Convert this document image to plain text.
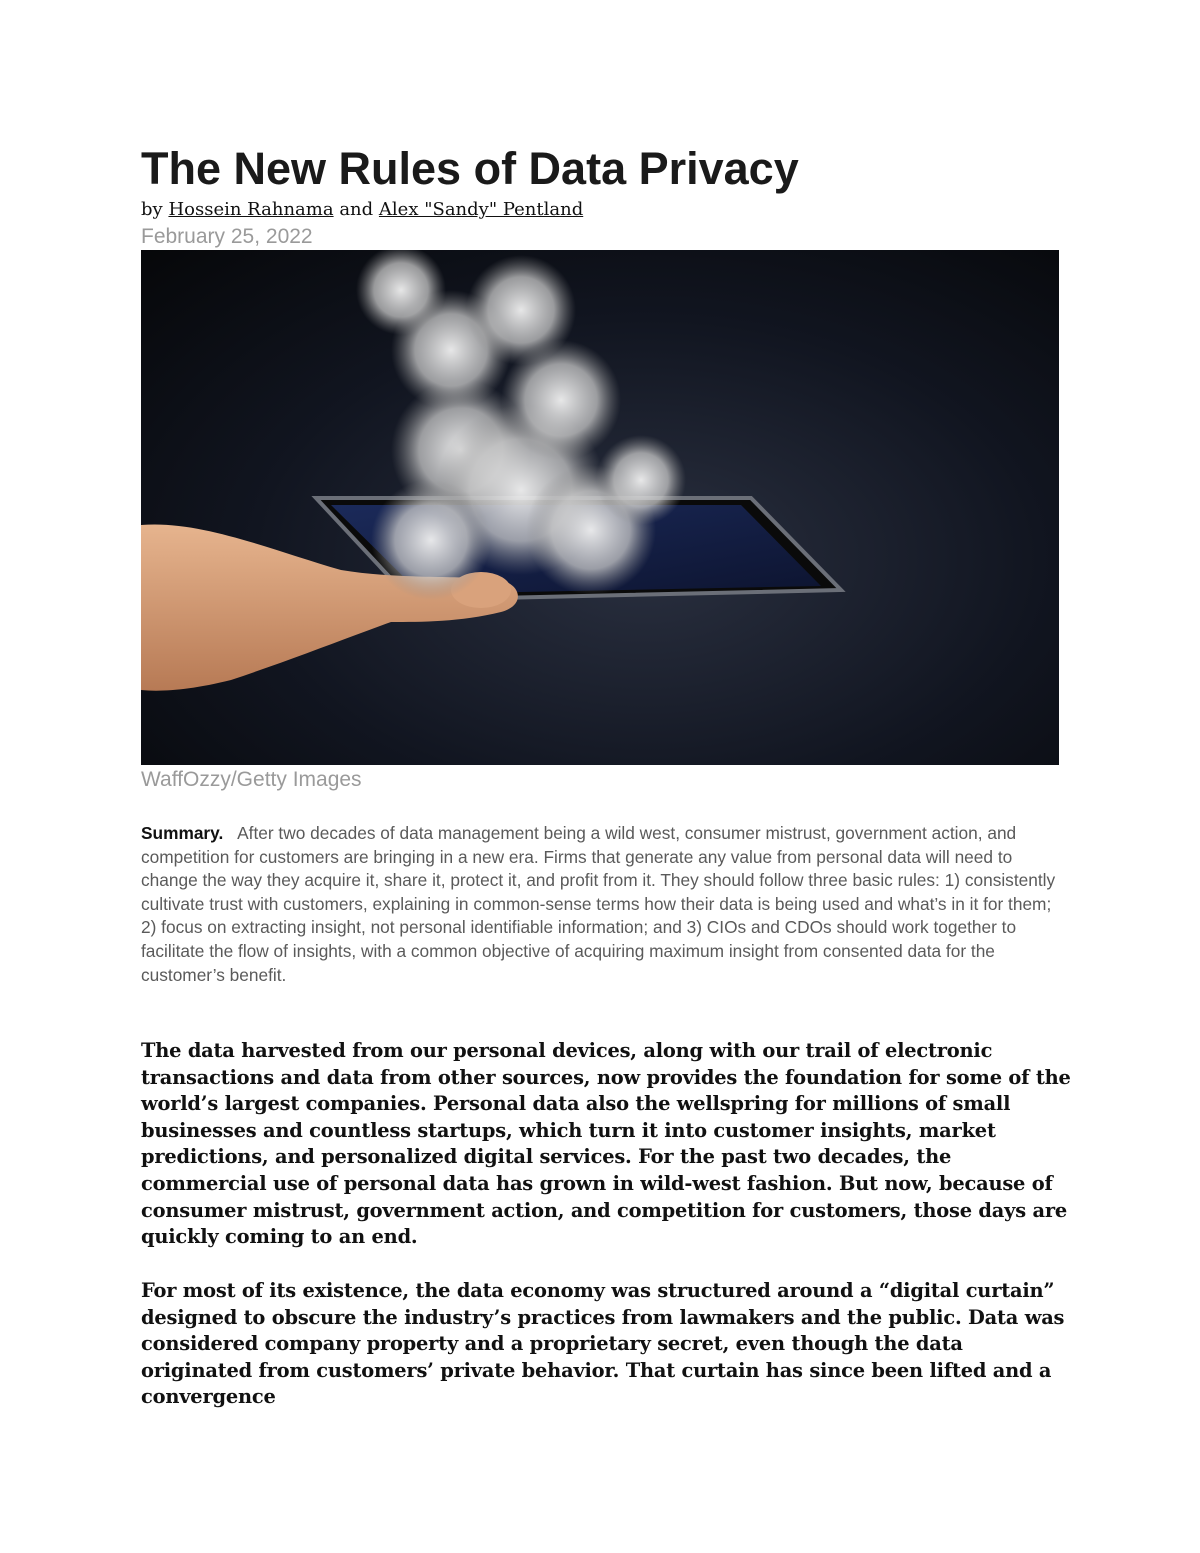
The New Rules of Data Privacy
by Hossein Rahnama and Alex "Sandy" Pentland
February 25, 2022
WaffOzzy/Getty Images

Summary. After two decades of data management being a wild west, consumer mistrust, government action, and competition for customers are bringing in a new era. Firms that generate any value from personal data will need to change the way they acquire it, share it, protect it, and profit from it. They should follow three basic rules: 1) consistently cultivate trust with customers, explaining in common-sense terms how their data is being used and what’s in it for them; 2) focus on extracting insight, not personal identifiable information; and 3) CIOs and CDOs should work together to facilitate the flow of insights, with a common objective of acquiring maximum insight from consented data for the customer’s benefit.

The data harvested from our personal devices, along with our trail of electronic transactions and data from other sources, now provides the foundation for some of the world’s largest companies. Personal data also the wellspring for millions of small businesses and countless startups, which turn it into customer insights, market predictions, and personalized digital services. For the past two decades, the commercial use of personal data has grown in wild-west fashion. But now, because of consumer mistrust, government action, and competition for customers, those days are quickly coming to an end.

For most of its existence, the data economy was structured around a “digital curtain” designed to obscure the industry’s practices from lawmakers and the public. Data was considered company property and a proprietary secret, even though the data originated from customers’ private behavior. That curtain has since been lifted and a convergence
